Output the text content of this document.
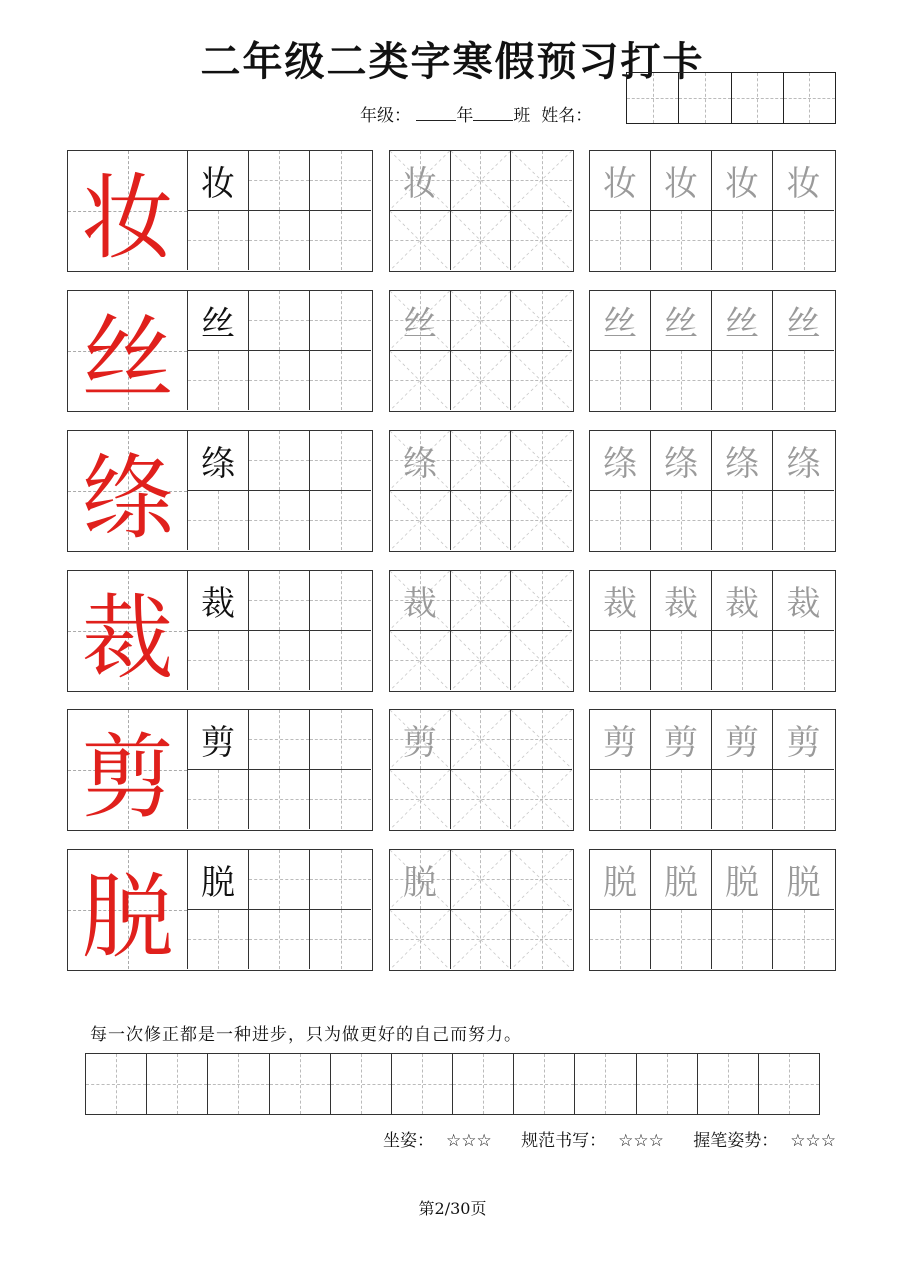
二年级二类字寒假预习打卡
年级：	年 班 姓名：
妆 妆	妆	妆 妆 妆 妆
丝 丝	丝	丝 丝 丝 丝
绦 绦	绦	绦 绦 绦 绦
裁 裁	裁	裁 裁 裁 裁
剪 剪	剪	剪 剪 剪 剪
脱 脱	脱	脱 脱 脱 脱
每一次修正都是一种进步，只为做更好的自己而努力。
坐姿： ☆☆☆ 规范书写： ☆☆☆ 握笔姿势： ☆☆☆
第2/30页
